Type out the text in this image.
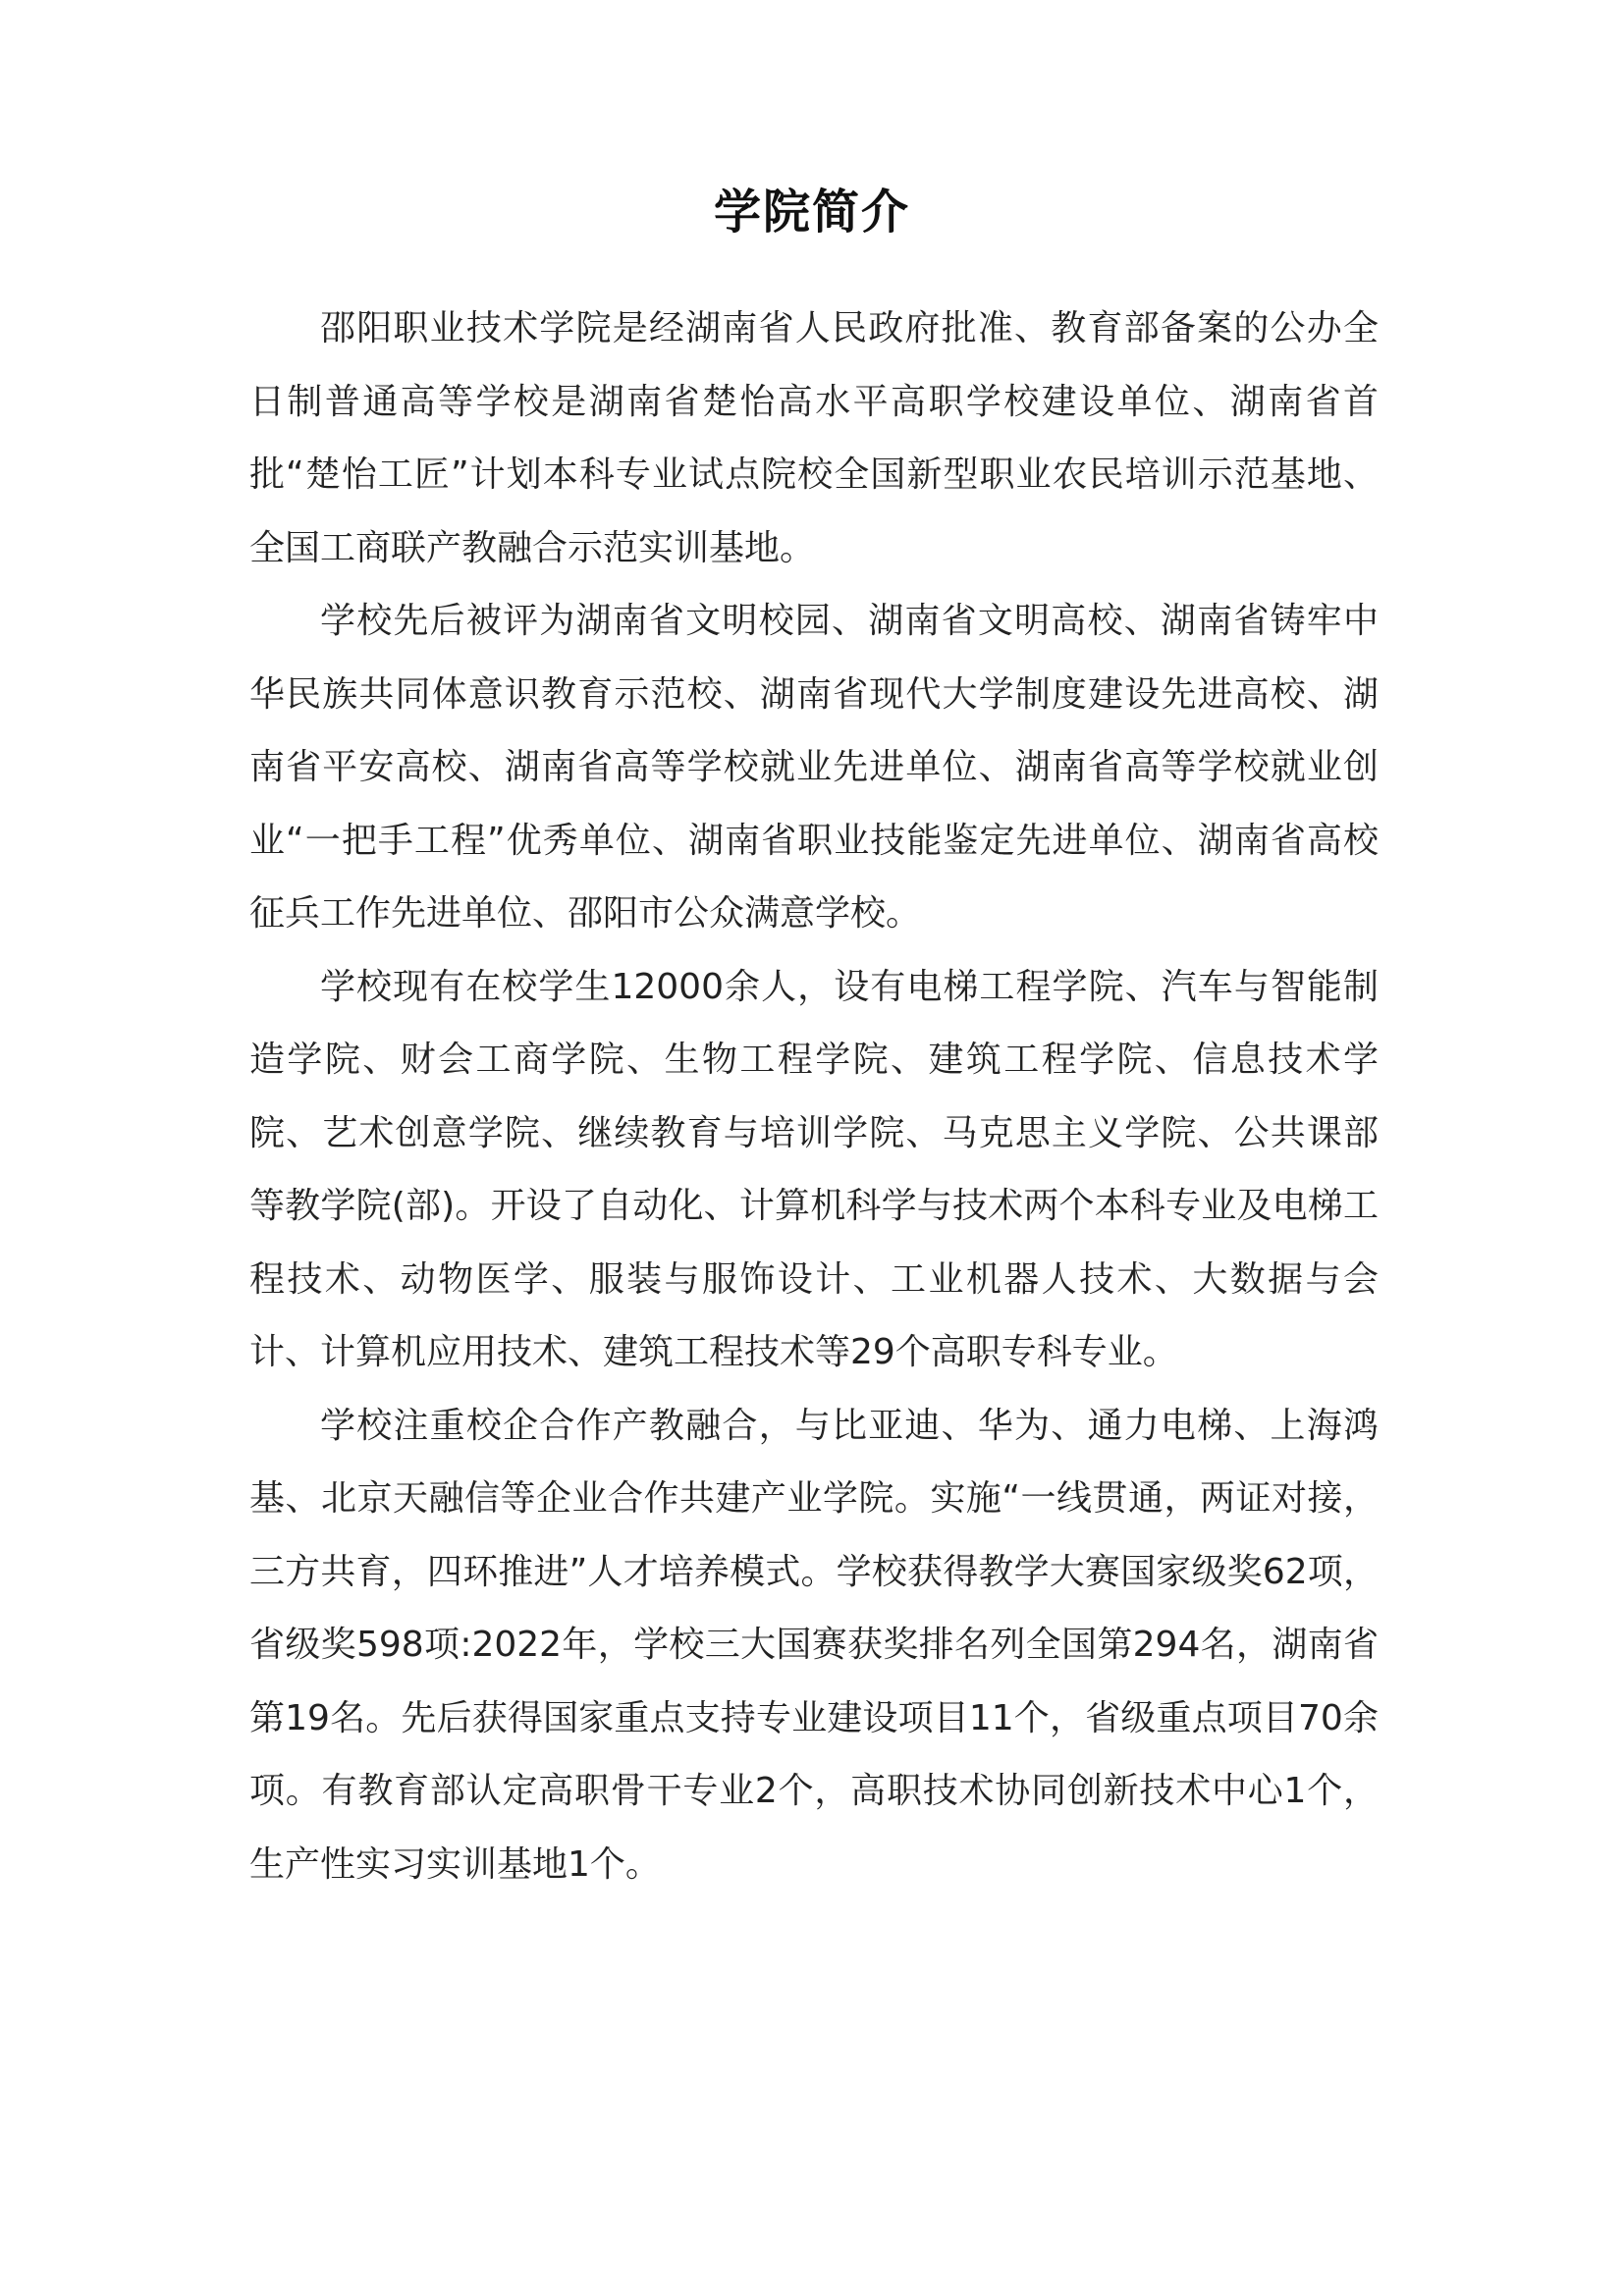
学院简介

邵阳职业技术学院是经湖南省人民政府批准、教育部备案的公办全日制普通高等学校是湖南省楚怡高水平高职学校建设单位、湖南省首批“楚怡工匠”计划本科专业试点院校全国新型职业农民培训示范基地、全国工商联产教融合示范实训基地。

学校先后被评为湖南省文明校园、湖南省文明高校、湖南省铸牢中华民族共同体意识教育示范校、湖南省现代大学制度建设先进高校、湖南省平安高校、湖南省高等学校就业先进单位、湖南省高等学校就业创业“一把手工程”优秀单位、湖南省职业技能鉴定先进单位、湖南省高校征兵工作先进单位、邵阳市公众满意学校。

学校现有在校学生12000余人，设有电梯工程学院、汽车与智能制造学院、财会工商学院、生物工程学院、建筑工程学院、信息技术学院、艺术创意学院、继续教育与培训学院、马克思主义学院、公共课部等教学院(部)。开设了自动化、计算机科学与技术两个本科专业及电梯工程技术、动物医学、服装与服饰设计、工业机器人技术、大数据与会计、计算机应用技术、建筑工程技术等29个高职专科专业。

学校注重校企合作产教融合，与比亚迪、华为、通力电梯、上海鸿基、北京天融信等企业合作共建产业学院。实施“一线贯通，两证对接，三方共育，四环推进”人才培养模式。学校获得教学大赛国家级奖62项，省级奖598项:2022年，学校三大国赛获奖排名列全国第294名，湖南省第19名。先后获得国家重点支持专业建设项目11个，省级重点项目70余项。有教育部认定高职骨干专业2个，高职技术协同创新技术中心1个，生产性实习实训基地1个。
